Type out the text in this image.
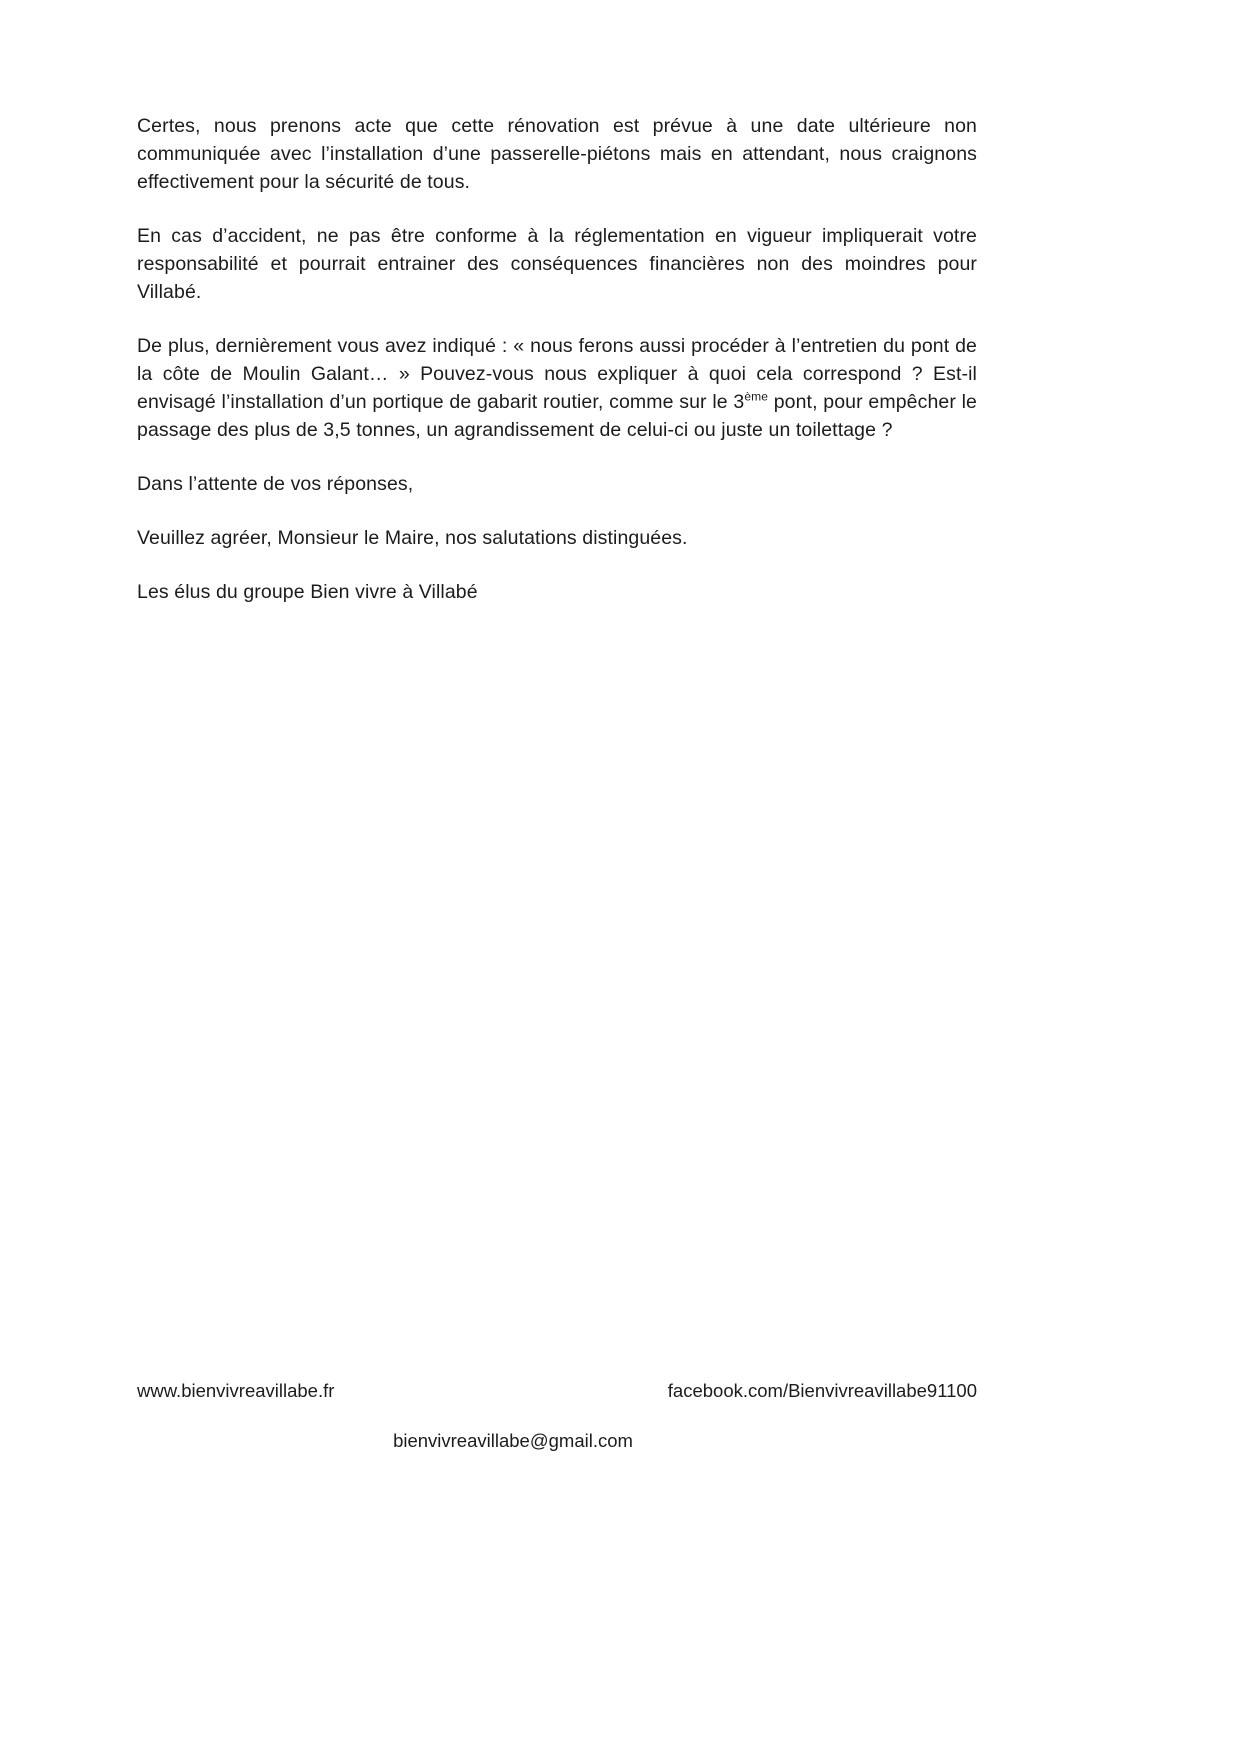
Certes, nous prenons acte que cette rénovation est prévue à une date ultérieure non communiquée avec l’installation d’une passerelle-piétons mais en attendant, nous craignons effectivement pour la sécurité de tous.

En cas d’accident, ne pas être conforme à la réglementation en vigueur impliquerait votre responsabilité et pourrait entrainer des conséquences financières non des moindres pour Villabé.

De plus, dernièrement vous avez indiqué : « nous ferons aussi procéder à l’entretien du pont de la côte de Moulin Galant… » Pouvez-vous nous expliquer à quoi cela correspond ? Est-il envisagé l’installation d’un portique de gabarit routier, comme sur le 3ème pont, pour empêcher le passage des plus de 3,5 tonnes, un agrandissement de celui-ci ou juste un toilettage ?

Dans l’attente de vos réponses,

Veuillez agréer, Monsieur le Maire, nos salutations distinguées.

Les élus du groupe Bien vivre à Villabé

www.bienvivreavillabe.fr	facebook.com/Bienvivreavillabe91100
bienvivreavillabe@gmail.com
